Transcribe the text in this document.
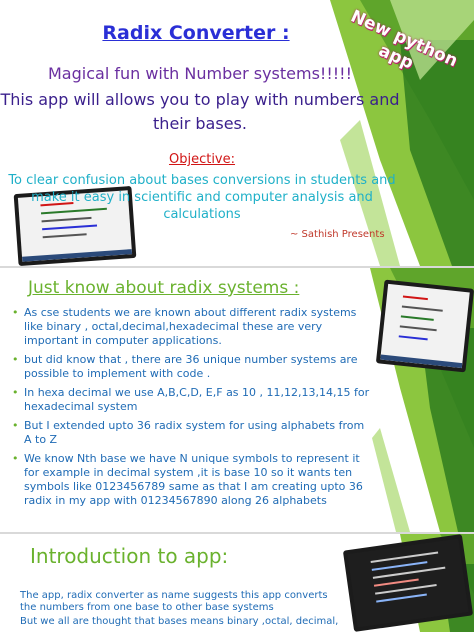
Radix Converter :	New python app
Magical fun with Number systems!!!!!
This app will allows you to play with numbers and their bases.
Objective:
To clear confusion about bases conversions in students and make it easy in scientific and computer analysis and calculations
~ Sathish Presents
Just know about radix systems :
• As cse students we are known about different radix systems like binary , octal,decimal,hexadecimal these are very important in computer applications.
• but did know that , there are 36 unique number systems are possible to implement with code .
• In hexa decimal we use A,B,C,D, E,F as 10 , 11,12,13,14,15 for hexadecimal system
• But I extended upto 36 radix system for using alphabets from A to Z
• We know Nth base we have N unique symbols to represent it for example in decimal system ,it is base 10 so it wants ten symbols like 0123456789 same as that I am creating upto 36 radix in my app with 01234567890 along 26 alphabets
Introduction to app:
The app, radix converter as name suggests this app converts the numbers from one base to other base systems
But we all are thought that bases means binary ,octal, decimal,
